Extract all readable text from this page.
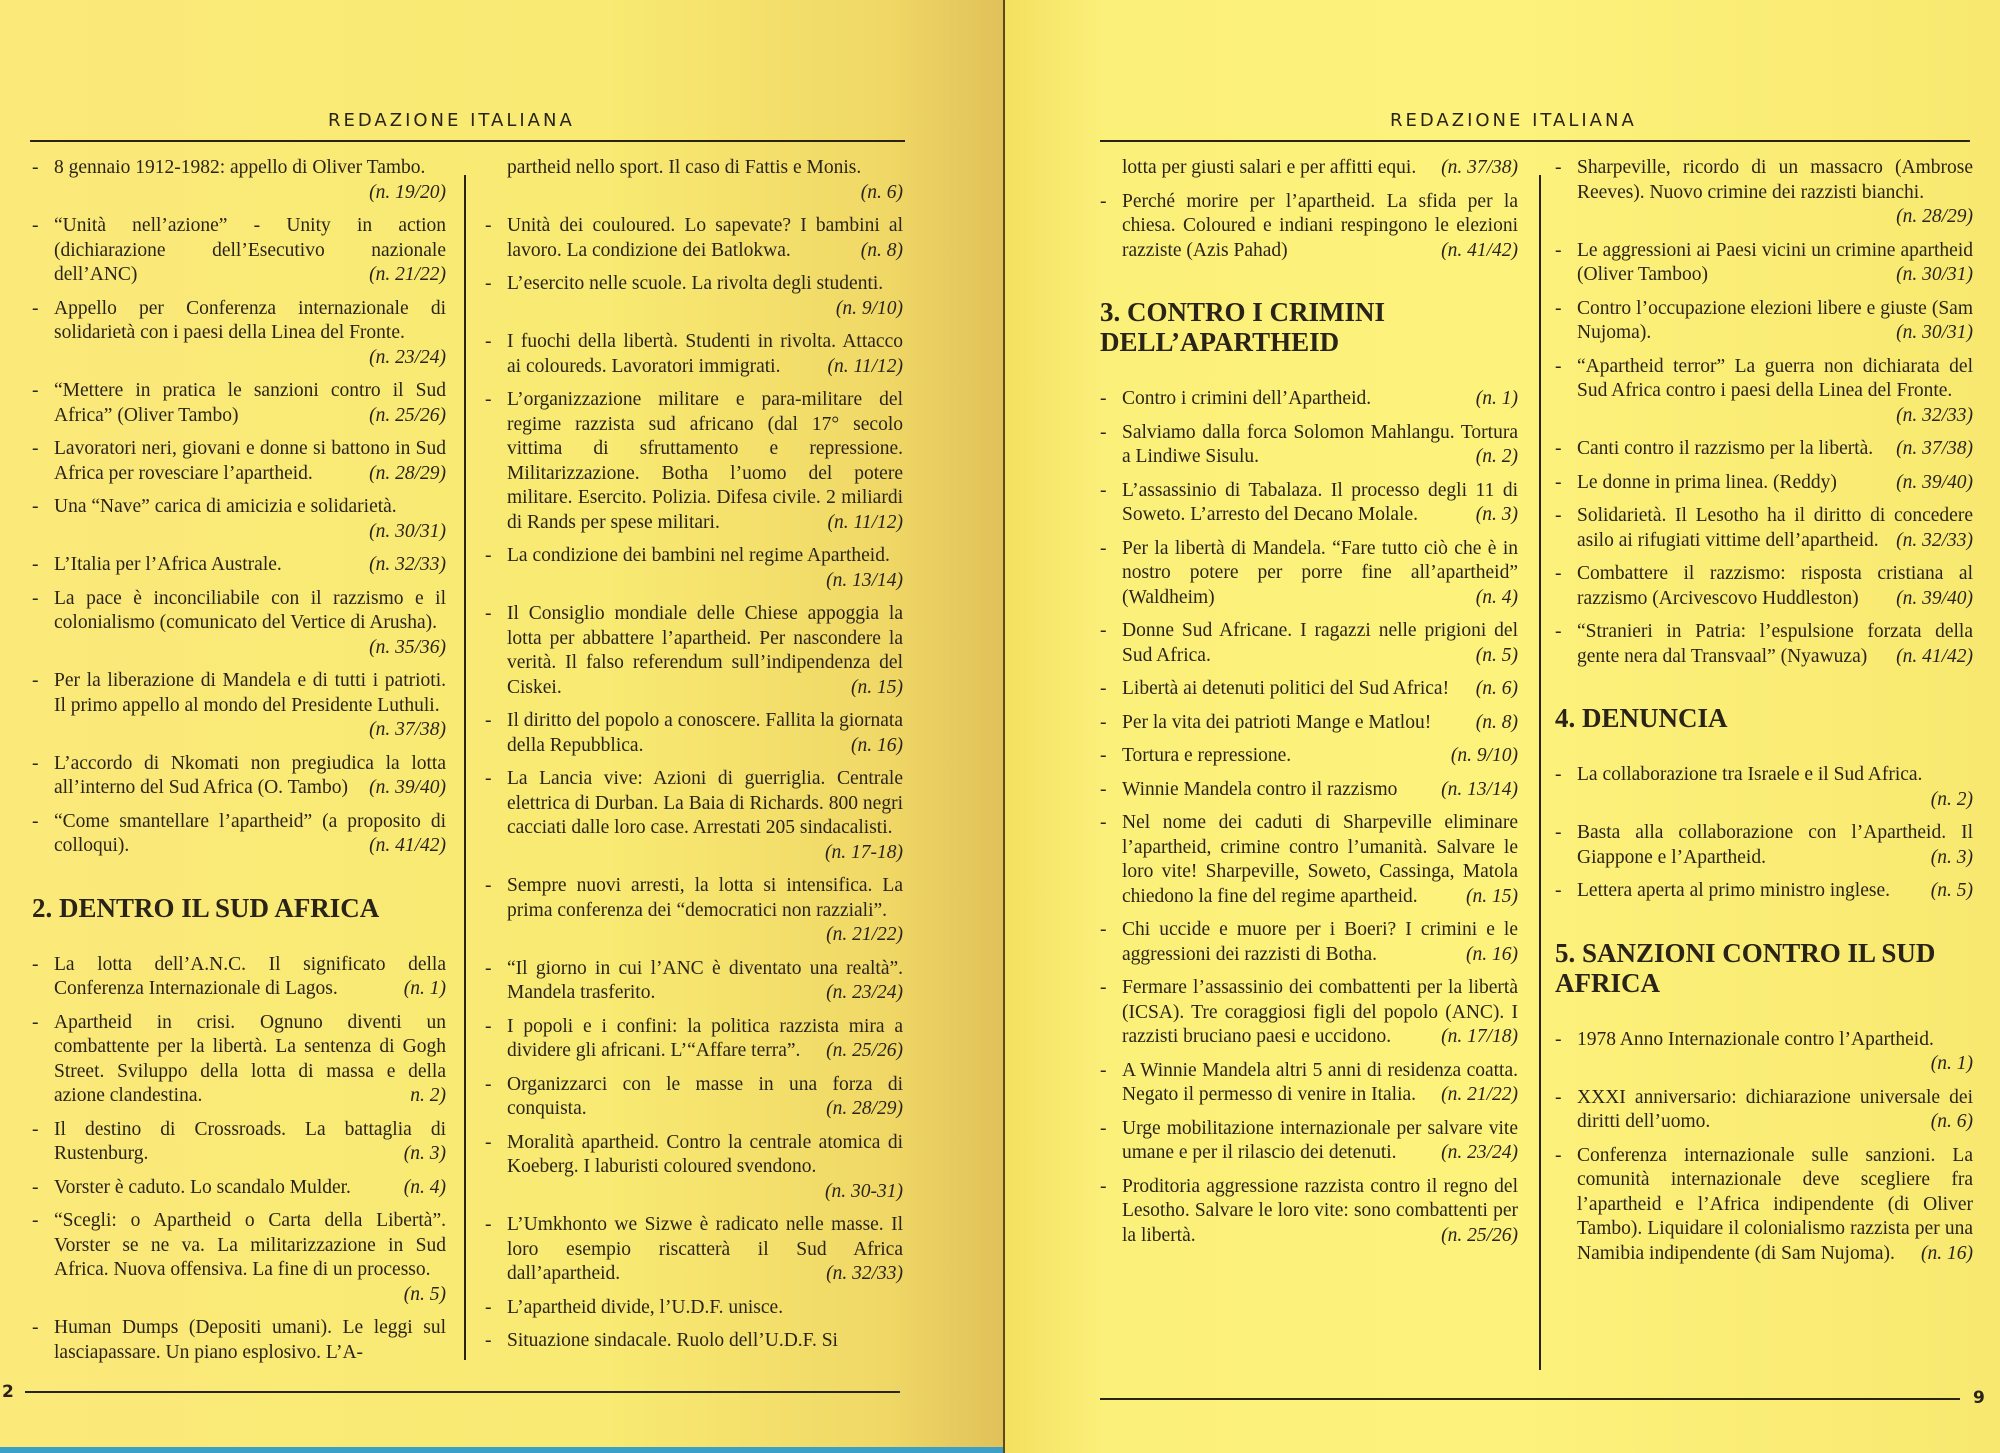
REDAZIONE ITALIANA
- 8 gennaio 1912-1982: appello di Oliver Tambo.
(n. 19/20)
- “Unità nell’azione” - Unity in action (dichiarazione dell’Esecutivo nazionale dell’ANC)	(n. 21/22)
- Appello per Conferenza internazionale di solidarietà con i paesi della Linea del Fronte.
(n. 23/24)
- “Mettere in pratica le sanzioni contro il Sud Africa” (Oliver Tambo)	(n. 25/26)
- Lavoratori neri, giovani e donne si battono in Sud Africa per rovesciare l’apartheid.	(n. 28/29)
- Una “Nave” carica di amicizia e solidarietà.
(n. 30/31)
- L’Italia per l’Africa Australe.	(n. 32/33)
- La pace è inconciliabile con il razzismo e il colonialismo (comunicato del Vertice di Arusha).
(n. 35/36)
- Per la liberazione di Mandela e di tutti i patrioti. Il primo appello al mondo del Presidente Luthuli.
(n. 37/38)
- L’accordo di Nkomati non pregiudica la lotta all’interno del Sud Africa (O. Tambo)	(n. 39/40)
- “Come smantellare l’apartheid” (a proposito di colloqui).	(n. 41/42)
2. DENTRO IL SUD AFRICA
- La lotta dell’A.N.C. Il significato della Conferenza Internazionale di Lagos.	(n. 1)
- Apartheid in crisi. Ognuno diventi un combattente per la libertà. La sentenza di Gogh Street. Sviluppo della lotta di massa e della azione clandestina.	n. 2)
- Il destino di Crossroads. La battaglia di Rustenburg.	(n. 3)
- Vorster è caduto. Lo scandalo Mulder.	(n. 4)
- “Scegli: o Apartheid o Carta della Libertà”. Vorster se ne va. La militarizzazione in Sud Africa. Nuova offensiva. La fine di un processo.
(n. 5)
- Human Dumps (Depositi umani). Le leggi sul lasciapassare. Un piano esplosivo. L’A-
partheid nello sport. Il caso di Fattis e Monis.
(n. 6)
- Unità dei couloured. Lo sapevate? I bambini al lavoro. La condizione dei Batlokwa.	(n. 8)
- L’esercito nelle scuole. La rivolta degli studenti.
(n. 9/10)
- I fuochi della libertà. Studenti in rivolta. Attacco ai coloureds. Lavoratori immigrati.	(n. 11/12)
- L’organizzazione militare e para-militare del regime razzista sud africano (dal 17° secolo vittima di sfruttamento e repressione. Militarizzazione. Botha l’uomo del potere militare. Esercito. Polizia. Difesa civile. 2 miliardi di Rands per spese militari.	(n. 11/12)
- La condizione dei bambini nel regime Apartheid.
(n. 13/14)
- Il Consiglio mondiale delle Chiese appoggia la lotta per abbattere l’apartheid. Per nascondere la verità. Il falso referendum sull’indipendenza del Ciskei.	(n. 15)
- Il diritto del popolo a conoscere. Fallita la giornata della Repubblica.	(n. 16)
- La Lancia vive: Azioni di guerriglia. Centrale elettrica di Durban. La Baia di Richards. 800 negri cacciati dalle loro case. Arrestati 205 sindacalisti.
(n. 17-18)
- Sempre nuovi arresti, la lotta si intensifica. La prima conferenza dei “democratici non razziali”.
(n. 21/22)
- “Il giorno in cui l’ANC è diventato una realtà”. Mandela trasferito.	(n. 23/24)
- I popoli e i confini: la politica razzista mira a dividere gli africani. L’“Affare terra”.	(n. 25/26)
- Organizzarci con le masse in una forza di conquista.	(n. 28/29)
- Moralità apartheid. Contro la centrale atomica di Koeberg. I laburisti coloured svendono.
(n. 30-31)
- L’Umkhonto we Sizwe è radicato nelle masse. Il loro esempio riscatterà il Sud Africa dall’apartheid.	(n. 32/33)
- L’apartheid divide, l’U.D.F. unisce.
- Situazione sindacale. Ruolo dell’U.D.F. Si
2
REDAZIONE ITALIANA
lotta per giusti salari e per affitti equi.	(n. 37/38)
- Perché morire per l’apartheid. La sfida per la chiesa. Coloured e indiani respingono le elezioni razziste (Azis Pahad)	(n. 41/42)
3. CONTRO I CRIMINI DELL’APARTHEID
- Contro i crimini dell’Apartheid.	(n. 1)
- Salviamo dalla forca Solomon Mahlangu. Tortura a Lindiwe Sisulu.	(n. 2)
- L’assassinio di Tabalaza. Il processo degli 11 di Soweto. L’arresto del Decano Molale.	(n. 3)
- Per la libertà di Mandela. “Fare tutto ciò che è in nostro potere per porre fine all’apartheid” (Waldheim)	(n. 4)
- Donne Sud Africane. I ragazzi nelle prigioni del Sud Africa.	(n. 5)
- Libertà ai detenuti politici del Sud Africa!	(n. 6)
- Per la vita dei patrioti Mange e Matlou!	(n. 8)
- Tortura e repressione.	(n. 9/10)
- Winnie Mandela contro il razzismo	(n. 13/14)
- Nel nome dei caduti di Sharpeville eliminare l’apartheid, crimine contro l’umanità. Salvare le loro vite! Sharpeville, Soweto, Cassinga, Matola chiedono la fine del regime apartheid.	(n. 15)
- Chi uccide e muore per i Boeri? I crimini e le aggressioni dei razzisti di Botha.	(n. 16)
- Fermare l’assassinio dei combattenti per la libertà (ICSA). Tre coraggiosi figli del popolo (ANC). I razzisti bruciano paesi e uccidono.	(n. 17/18)
- A Winnie Mandela altri 5 anni di residenza coatta. Negato il permesso di venire in Italia.	(n. 21/22)
- Urge mobilitazione internazionale per salvare vite umane e per il rilascio dei detenuti.	(n. 23/24)
- Proditoria aggressione razzista contro il regno del Lesotho. Salvare le loro vite: sono combattenti per la libertà.	(n. 25/26)
- Sharpeville, ricordo di un massacro (Ambrose Reeves). Nuovo crimine dei razzisti bianchi.
(n. 28/29)
- Le aggressioni ai Paesi vicini un crimine apartheid (Oliver Tamboo)	(n. 30/31)
- Contro l’occupazione elezioni libere e giuste (Sam Nujoma).	(n. 30/31)
- “Apartheid terror” La guerra non dichiarata del Sud Africa contro i paesi della Linea del Fronte.
(n. 32/33)
- Canti contro il razzismo per la libertà.	(n. 37/38)
- Le donne in prima linea. (Reddy)	(n. 39/40)
- Solidarietà. Il Lesotho ha il diritto di concedere asilo ai rifugiati vittime dell’apartheid. (n. 32/33)
- Combattere il razzismo: risposta cristiana al razzismo (Arcivescovo Huddleston)	(n. 39/40)
- “Stranieri in Patria: l’espulsione forzata della gente nera dal Transvaal” (Nyawuza)	(n. 41/42)
4. DENUNCIA
- La collaborazione tra Israele e il Sud Africa.
(n. 2)
- Basta alla collaborazione con l’Apartheid. Il Giappone e l’Apartheid.	(n. 3)
- Lettera aperta al primo ministro inglese.	(n. 5)
5. SANZIONI CONTRO IL SUD AFRICA
- 1978 Anno Internazionale contro l’Apartheid.
(n. 1)
- XXXI anniversario: dichiarazione universale dei diritti dell’uomo.	(n. 6)
- Conferenza internazionale sulle sanzioni. La comunità internazionale deve scegliere fra l’apartheid e l’Africa indipendente (di Oliver Tambo). Liquidare il colonialismo razzista per una Namibia indipendente (di Sam Nujoma).	(n. 16)
9
